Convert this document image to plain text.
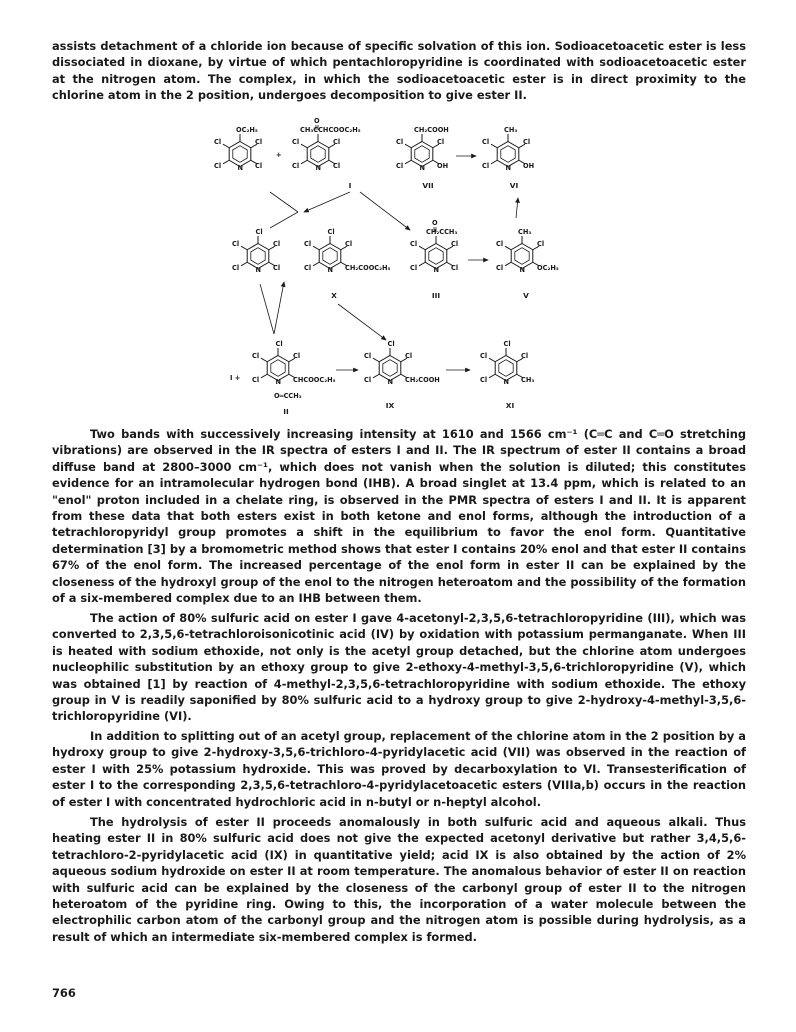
assists detachment of a chloride ion because of specific solvation of this ion. Sodioacetoacetic ester is less dissociated in dioxane, by virtue of which pentachloropyridine is coordinated with sodioacetoacetic ester at the nitrogen atom. The complex, in which the sodioacetoacetic ester is in direct proximity to the chlorine atom in the 2 position, undergoes decomposition to give ester II.

OC₂H₅
Cl
Cl
N
Cl
Cl
+
O
CH₃CCHCOOC₂H₅
Cl
Cl
N
Cl
Cl
CH₂COOH
Cl
OH
N
Cl
Cl
CH₃
Cl
OH
N
Cl
Cl
I	VII	VI
Cl
Cl
Cl
N
Cl
Cl
Cl
Cl
CH₂COOC₂H₅
N
Cl
Cl
O
CH₂CCH₃
Cl
Cl
N
Cl
Cl
CH₃
Cl
OC₂H₅
N
Cl
Cl
X	III	V
I +
Cl
Cl
CHCOOC₂H₅
N
Cl
Cl
O═CCH₃
Cl
Cl
CH₂COOH
N
Cl
Cl
Cl
Cl
CH₃
N
Cl
Cl
II
IX	XI

Two bands with successively increasing intensity at 1610 and 1566 cm⁻¹ (C═C and C═O stretching vibrations) are observed in the IR spectra of esters I and II. The IR spectrum of ester II contains a broad diffuse band at 2800–3000 cm⁻¹, which does not vanish when the solution is diluted; this constitutes evidence for an intramolecular hydrogen bond (IHB). A broad singlet at 13.4 ppm, which is related to an "enol" proton included in a chelate ring, is observed in the PMR spectra of esters I and II. It is apparent from these data that both esters exist in both ketone and enol forms, although the introduction of a tetrachloropyridyl group promotes a shift in the equilibrium to favor the enol form. Quantitative determination [3] by a bromometric method shows that ester I contains 20% enol and that ester II contains 67% of the enol form. The increased percentage of the enol form in ester II can be explained by the closeness of the hydroxyl group of the enol to the nitrogen heteroatom and the possibility of the formation of a six-membered complex due to an IHB between them.

The action of 80% sulfuric acid on ester I gave 4-acetonyl-2,3,5,6-tetrachloropyridine (III), which was converted to 2,3,5,6-tetrachloroisonicotinic acid (IV) by oxidation with potassium permanganate. When III is heated with sodium ethoxide, not only is the acetyl group detached, but the chlorine atom undergoes nucleophilic substitution by an ethoxy group to give 2-ethoxy-4-methyl-3,5,6-trichloropyridine (V), which was obtained [1] by reaction of 4-methyl-2,3,5,6-tetrachloropyridine with sodium ethoxide. The ethoxy group in V is readily saponified by 80% sulfuric acid to a hydroxy group to give 2-hydroxy-4-methyl-3,5,6-trichloropyridine (VI).

In addition to splitting out of an acetyl group, replacement of the chlorine atom in the 2 position by a hydroxy group to give 2-hydroxy-3,5,6-trichloro-4-pyridylacetic acid (VII) was observed in the reaction of ester I with 25% potassium hydroxide. This was proved by decarboxylation to VI. Transesterification of ester I to the corresponding 2,3,5,6-tetrachloro-4-pyridylacetoacetic esters (VIIIa,b) occurs in the reaction of ester I with concentrated hydrochloric acid in n-butyl or n-heptyl alcohol.

The hydrolysis of ester II proceeds anomalously in both sulfuric acid and aqueous alkali. Thus heating ester II in 80% sulfuric acid does not give the expected acetonyl derivative but rather 3,4,5,6-tetrachloro-2-pyridylacetic acid (IX) in quantitative yield; acid IX is also obtained by the action of 2% aqueous sodium hydroxide on ester II at room temperature. The anomalous behavior of ester II on reaction with sulfuric acid can be explained by the closeness of the carbonyl group of ester II to the nitrogen heteroatom of the pyridine ring. Owing to this, the incorporation of a water molecule between the electrophilic carbon atom of the carbonyl group and the nitrogen atom is possible during hydrolysis, as a result of which an intermediate six-membered complex is formed.

766
